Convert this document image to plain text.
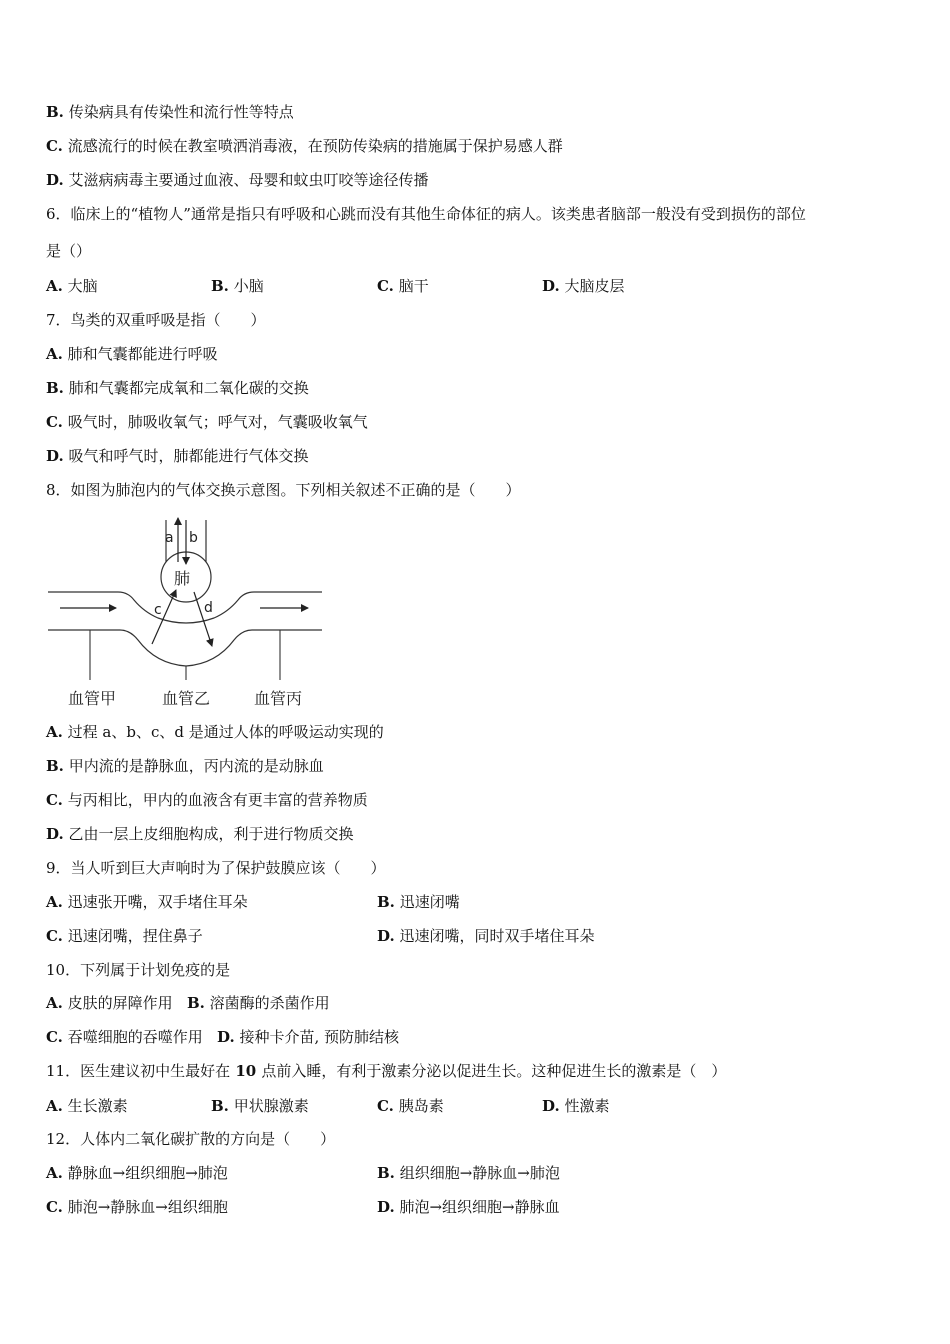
B. 传染病具有传染性和流行性等特点
C. 流感流行的时候在教室喷洒消毒液，在预防传染病的措施属于保护易感人群
D. 艾滋病病毒主要通过血液、母婴和蚊虫叮咬等途径传播
6．临床上的“植物人”通常是指只有呼吸和心跳而没有其他生命体征的病人。该类患者脑部一般没有受到损伤的部位
是（）
A. 大脑	B. 小脑	C. 脑干	D. 大脑皮层
7．鸟类的双重呼吸是指（　　）
A. 肺和气囊都能进行呼吸
B. 肺和气囊都完成氧和二氧化碳的交换
C. 吸气时，肺吸收氧气；呼气对，气囊吸收氧气
D. 吸气和呼气时，肺都能进行气体交换
8．如图为肺泡内的气体交换示意图。下列相关叙述不正确的是（　　）
a b
肺
c	d
血管甲	血管乙	血管丙
A. 过程 a、b、c、d 是通过人体的呼吸运动实现的
B. 甲内流的是静脉血，丙内流的是动脉血
C. 与丙相比，甲内的血液含有更丰富的营养物质
D. 乙由一层上皮细胞构成，利于进行物质交换
9．当人听到巨大声响时为了保护鼓膜应该（　　）
A. 迅速张开嘴，双手堵住耳朵	B. 迅速闭嘴
C. 迅速闭嘴，捏住鼻子	D. 迅速闭嘴，同时双手堵住耳朵
10．下列属于计划免疫的是
A. 皮肤的屏障作用 B. 溶菌酶的杀菌作用
C. 吞噬细胞的吞噬作用 D. 接种卡介苗, 预防肺结核
11．医生建议初中生最好在 10 点前入睡，有利于激素分泌以促进生长。这种促进生长的激素是（　）
A. 生长激素	B. 甲状腺激素	C. 胰岛素	D. 性激素
12．人体内二氧化碳扩散的方向是（　　）
A. 静脉血→组织细胞→肺泡	B. 组织细胞→静脉血→肺泡
C. 肺泡→静脉血→组织细胞	D. 肺泡→组织细胞→静脉血
